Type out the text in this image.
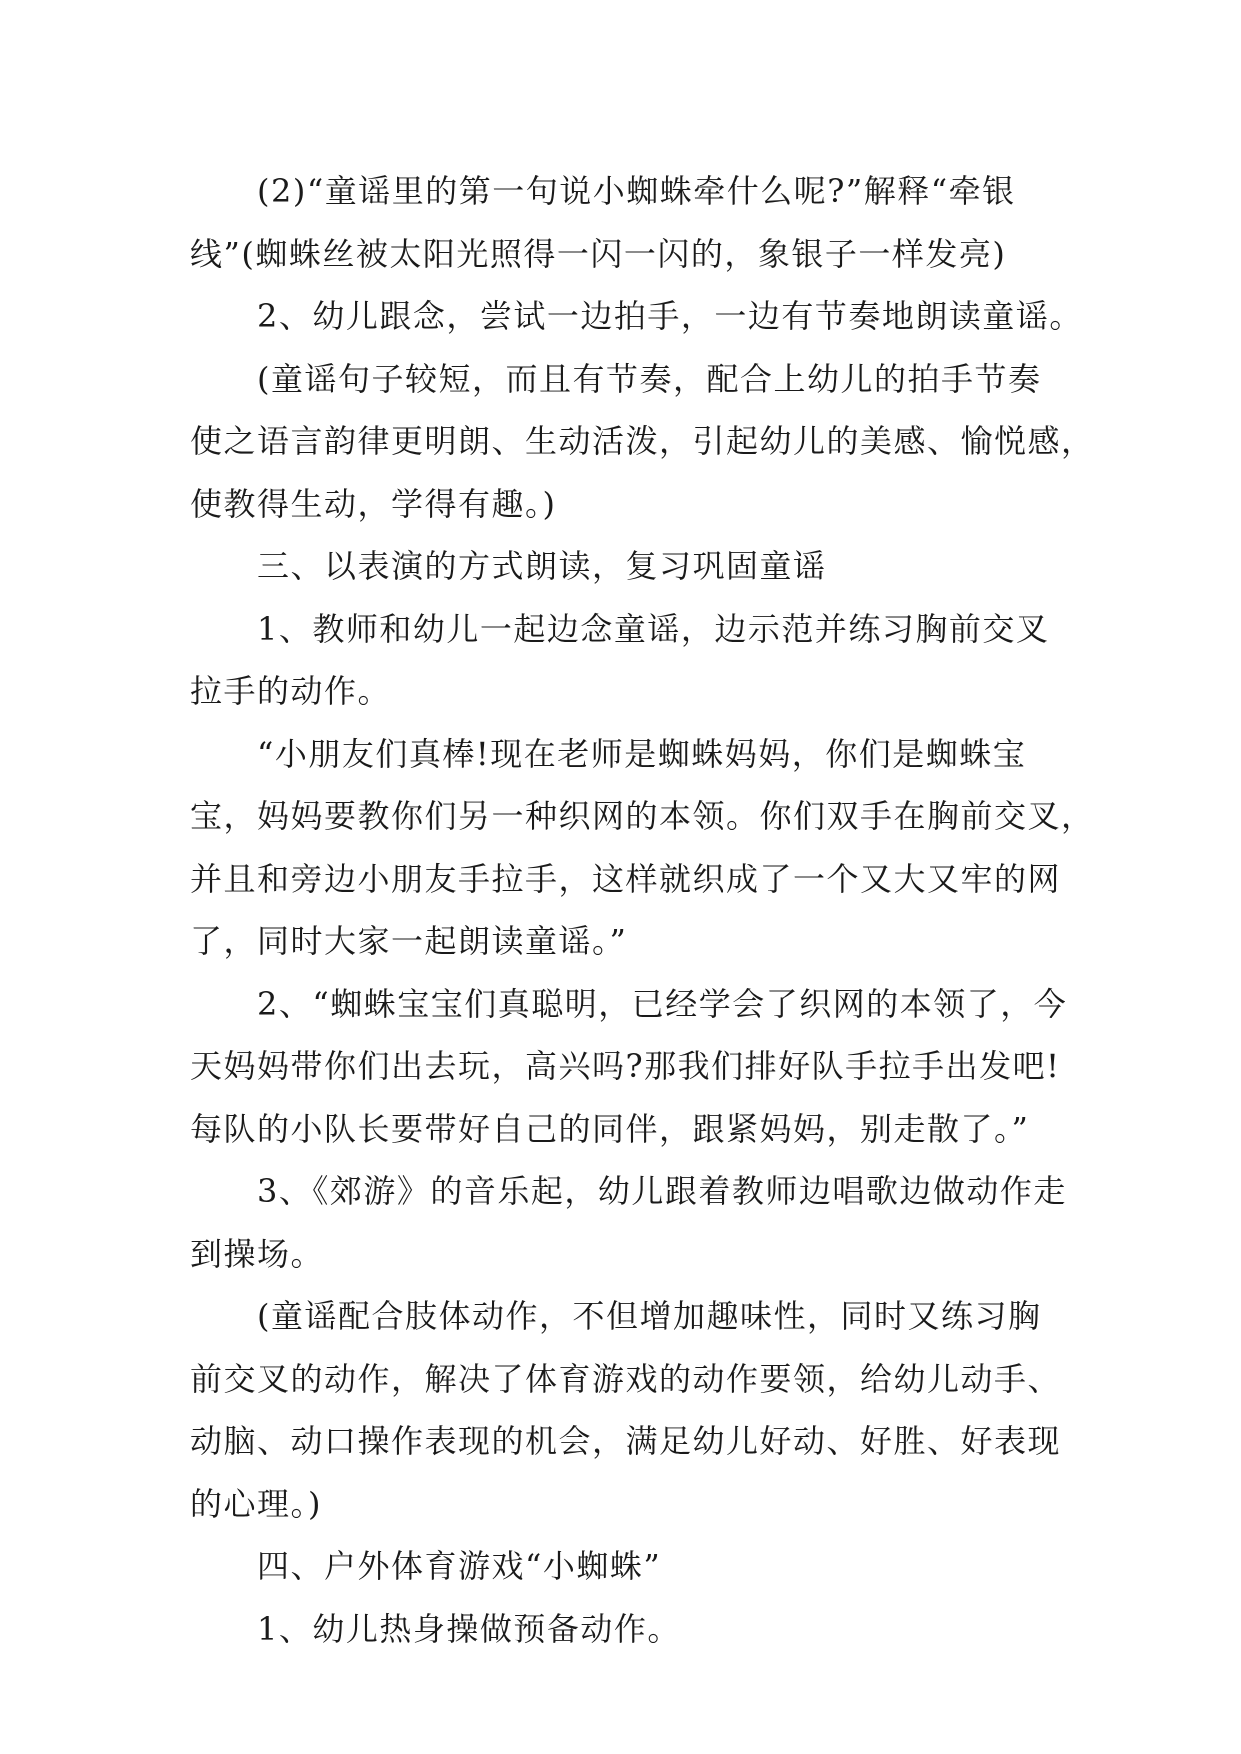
　　(2)“童谣里的第一句说小蜘蛛牵什么呢?”解释“牵银
线”(蜘蛛丝被太阳光照得一闪一闪的，象银子一样发亮)
　　2、幼儿跟念，尝试一边拍手，一边有节奏地朗读童谣。
　　(童谣句子较短，而且有节奏，配合上幼儿的拍手节奏
使之语言韵律更明朗、生动活泼，引起幼儿的美感、愉悦感，
使教得生动，学得有趣。)
　　三、以表演的方式朗读，复习巩固童谣
　　1、教师和幼儿一起边念童谣，边示范并练习胸前交叉
拉手的动作。
　　“小朋友们真棒!现在老师是蜘蛛妈妈，你们是蜘蛛宝
宝，妈妈要教你们另一种织网的本领。你们双手在胸前交叉，
并且和旁边小朋友手拉手，这样就织成了一个又大又牢的网
了，同时大家一起朗读童谣。”
　　2、“蜘蛛宝宝们真聪明，已经学会了织网的本领了，今
天妈妈带你们出去玩，高兴吗?那我们排好队手拉手出发吧!
每队的小队长要带好自己的同伴，跟紧妈妈，别走散了。”
　　3、《郊游》的音乐起，幼儿跟着教师边唱歌边做动作走
到操场。
　　(童谣配合肢体动作，不但增加趣味性，同时又练习胸
前交叉的动作，解决了体育游戏的动作要领，给幼儿动手、
动脑、动口操作表现的机会，满足幼儿好动、好胜、好表现
的心理。)
　　四、户外体育游戏“小蜘蛛”
　　1、幼儿热身操做预备动作。
